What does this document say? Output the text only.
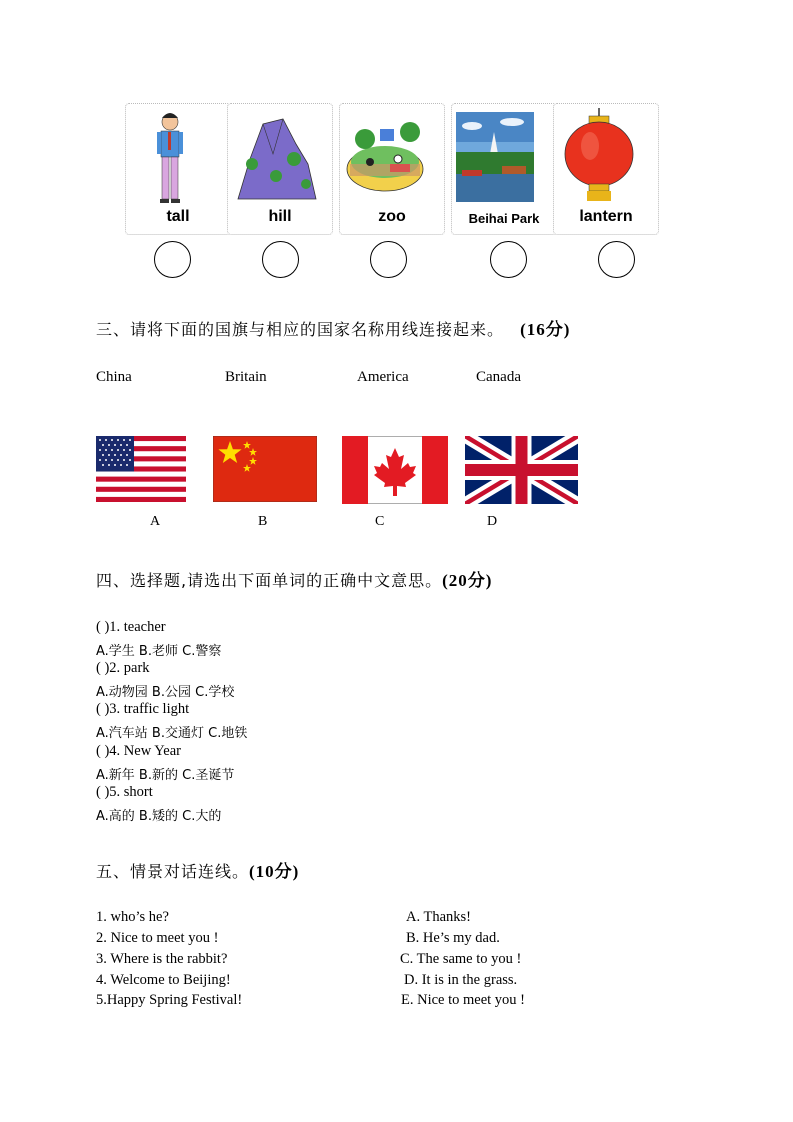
tall	hill	zoo	Beihai Park	lantern
三、请将下面的国旗与相应的国家名称用线连接起来。 (16分)
China	Britain	America	Canada
A	B	C	D
四、选择题,请选出下面单词的正确中文意思。(20分)
( )1. teacher
A.学生 B.老师 C.警察
( )2. park
A.动物园 B.公园 C.学校
( )3. traffic light
A.汽车站 B.交通灯 C.地铁
( )4. New Year
A.新年 B.新的 C.圣诞节
( )5. short
A.高的 B.矮的 C.大的
五、情景对话连线。(10分)
1. who’s he?
2. Nice to meet you !
3. Where is the rabbit?
4. Welcome to Beijing!
5.Happy Spring Festival!
A. Thanks!
B. He’s my dad.
C. The same to you !
D. It is in the grass.
E. Nice to meet you !
